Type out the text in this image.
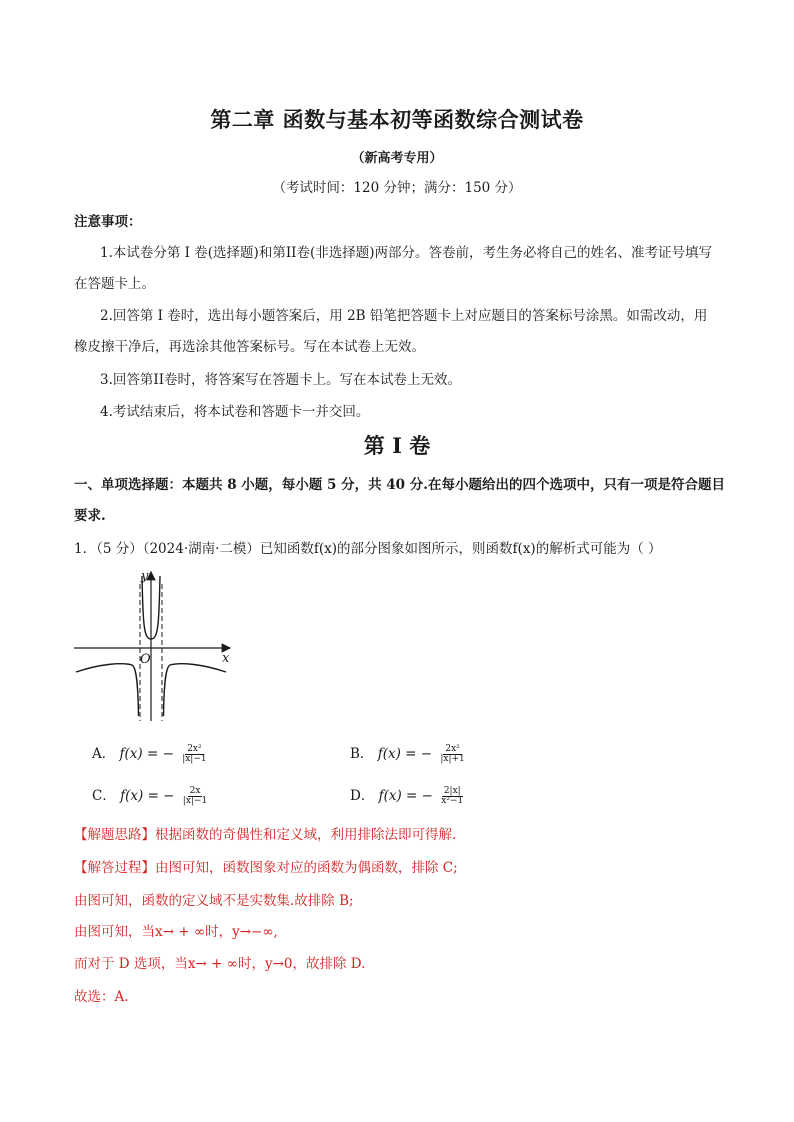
第二章 函数与基本初等函数综合测试卷
（新高考专用）
（考试时间：120 分钟；满分：150 分）
注意事项：
1.本试卷分第 I 卷(选择题)和第II卷(非选择题)两部分。答卷前，考生务必将自己的姓名、准考证号填写
在答题卡上。
2.回答第 I 卷时，选出每小题答案后，用 2B 铅笔把答题卡上对应题目的答案标号涂黑。如需改动，用
橡皮擦干净后，再选涂其他答案标号。写在本试卷上无效。
3.回答第II卷时，将答案写在答题卡上。写在本试卷上无效。
4.考试结束后，将本试卷和答题卡一并交回。
第 I 卷
一、单项选择题：本题共 8 小题，每小题 5 分，共 40 分.在每小题给出的四个选项中，只有一项是符合题目
要求.
1．（5 分）（2024·湖南·二模）已知函数f(x)的部分图象如图所示，则函数f(x)的解析式可能为（ ）
y
x
O
A． f(x) = − $\frac{\text{2x²}}{|x|-1}$	B． f(x) = − $\frac{\text{2x²}}{|x|+1}$
C． f(x) = − $\frac{2x}{|x|-1}$	D． f(x) = − $\frac{2|x|}{\text{x²−1}}$
【解题思路】根据函数的奇偶性和定义域，利用排除法即可得解.
【解答过程】由图可知，函数图象对应的函数为偶函数，排除 C;
由图可知，函数的定义域不是实数集.故排除 B;
由图可知，当x→ + ∞时，y→−∞,
而对于 D 选项，当x→ + ∞时，y→0，故排除 D.
故选：A.
